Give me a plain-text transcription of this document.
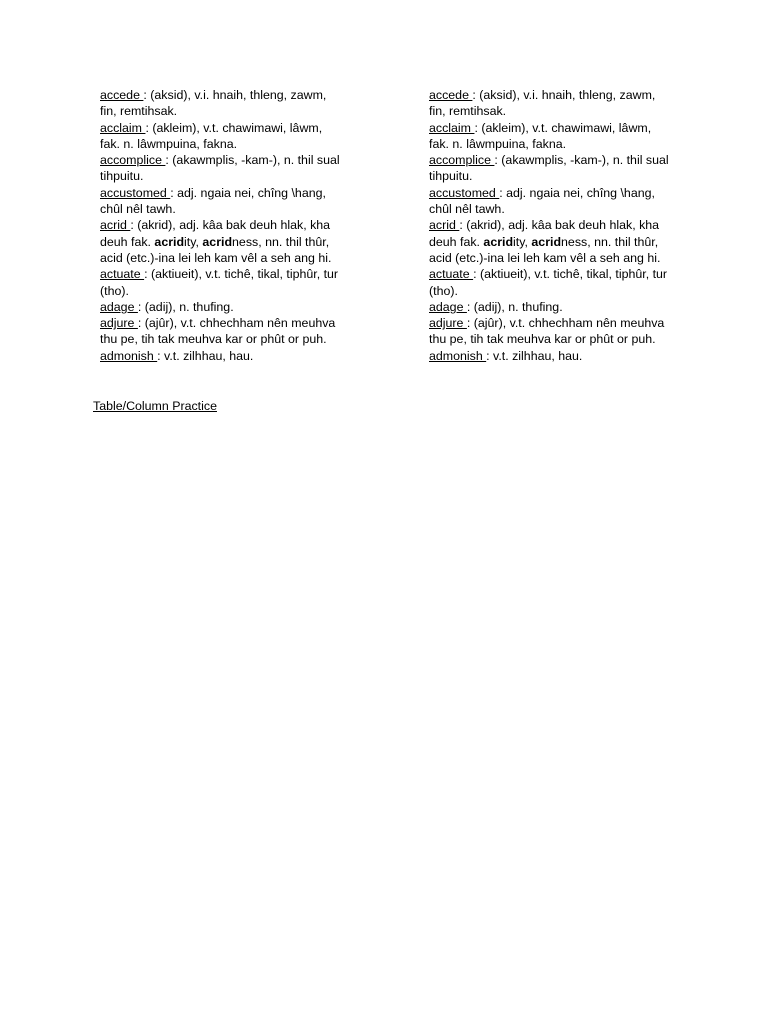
accede : (aksid), v.i. hnaih, thleng, zawm, fin, remtihsak.

acclaim : (akleim), v.t. chawimawi, lâwm, fak. n. lâwmpuina, fakna.

accomplice : (akawmplis, -kam-), n. thil sual tihpuitu.

accustomed : adj. ngaia nei, chîng \hang, chûl nêl tawh.

acrid : (akrid), adj. kâa bak deuh hlak, kha deuh fak. acridity, acridness, nn. thil thûr, acid (etc.)-ina lei leh kam vêl a seh ang hi.

actuate : (aktiueit), v.t. tichê, tikal, tiphûr, tur (tho).

adage : (adij), n. thufing.

adjure : (ajûr), v.t. chhechham nên meuhva thu pe, tih tak meuhva kar or phût or puh.

admonish : v.t. zilhhau, hau.

accede : (aksid), v.i. hnaih, thleng, zawm, fin, remtihsak.

acclaim : (akleim), v.t. chawimawi, lâwm, fak. n. lâwmpuina, fakna.

accomplice : (akawmplis, -kam-), n. thil sual tihpuitu.

accustomed : adj. ngaia nei, chîng \hang, chûl nêl tawh.

acrid : (akrid), adj. kâa bak deuh hlak, kha deuh fak. acridity, acridness, nn. thil thûr, acid (etc.)-ina lei leh kam vêl a seh ang hi.

actuate : (aktiueit), v.t. tichê, tikal, tiphûr, tur (tho).

adage : (adij), n. thufing.

adjure : (ajûr), v.t. chhechham nên meuhva thu pe, tih tak meuhva kar or phût or puh.

admonish : v.t. zilhhau, hau.

Table/Column Practice
